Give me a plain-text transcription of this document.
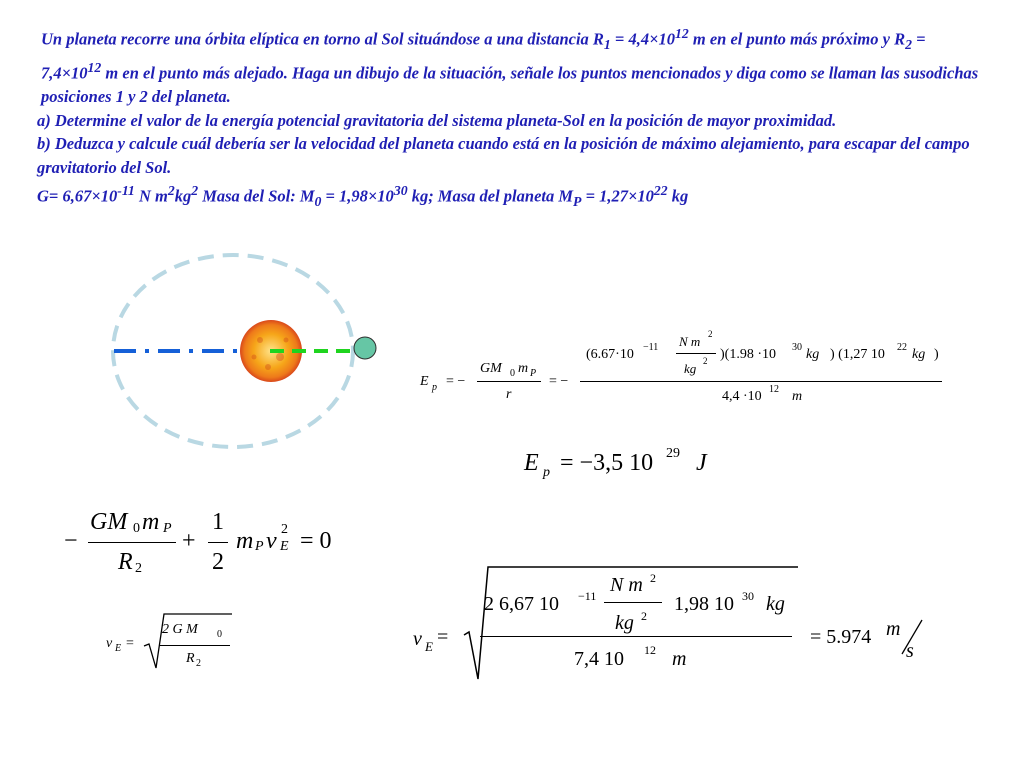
Un planeta recorre una órbita elíptica en torno al Sol situándose a una distancia $R_1 = 4,4\times 10^{12}$ m en el punto más próximo y $R_2 = 7,4\times 10^{12}$ m en el punto más alejado. Haga un dibujo de la situación, señale los puntos mencionados y diga como se llaman las susodichas posiciones 1 y 2 del planeta.

a) Determine el valor de la energía potencial gravitatoria del sistema planeta-Sol en la posición de mayor proximidad.

b) Deduzca y calcule cuál debería ser la velocidad del planeta cuando está en la posición de máximo alejamiento, para escapar del campo gravitatorio del Sol.

$G= 6,67\times 10^{-11}$ N $m^2kg^2$ Masa del Sol: $M_0 = 1,98\times 10^{30}$ kg; Masa del planeta $M_P = 1,27\times 10^{22}$ kg

E p = −
GM 0 m P
r
= −
(6.67·10 −11 N m 2
kg 2 )(1.98 ·10 30 kg ) (1,27 10 22 kg )
4,4 ·10 12 m
E p = −3,5 10 29 J
−
GM 0 m P
R 2
+
1
2
m P v E
2 = 0
v E =
2 G M 0
R 2
v E =
2 6,67 10 −11 N m 2
kg 2
1,98 10 30 kg
7,4 10 12 m
= 5.974 m
s
